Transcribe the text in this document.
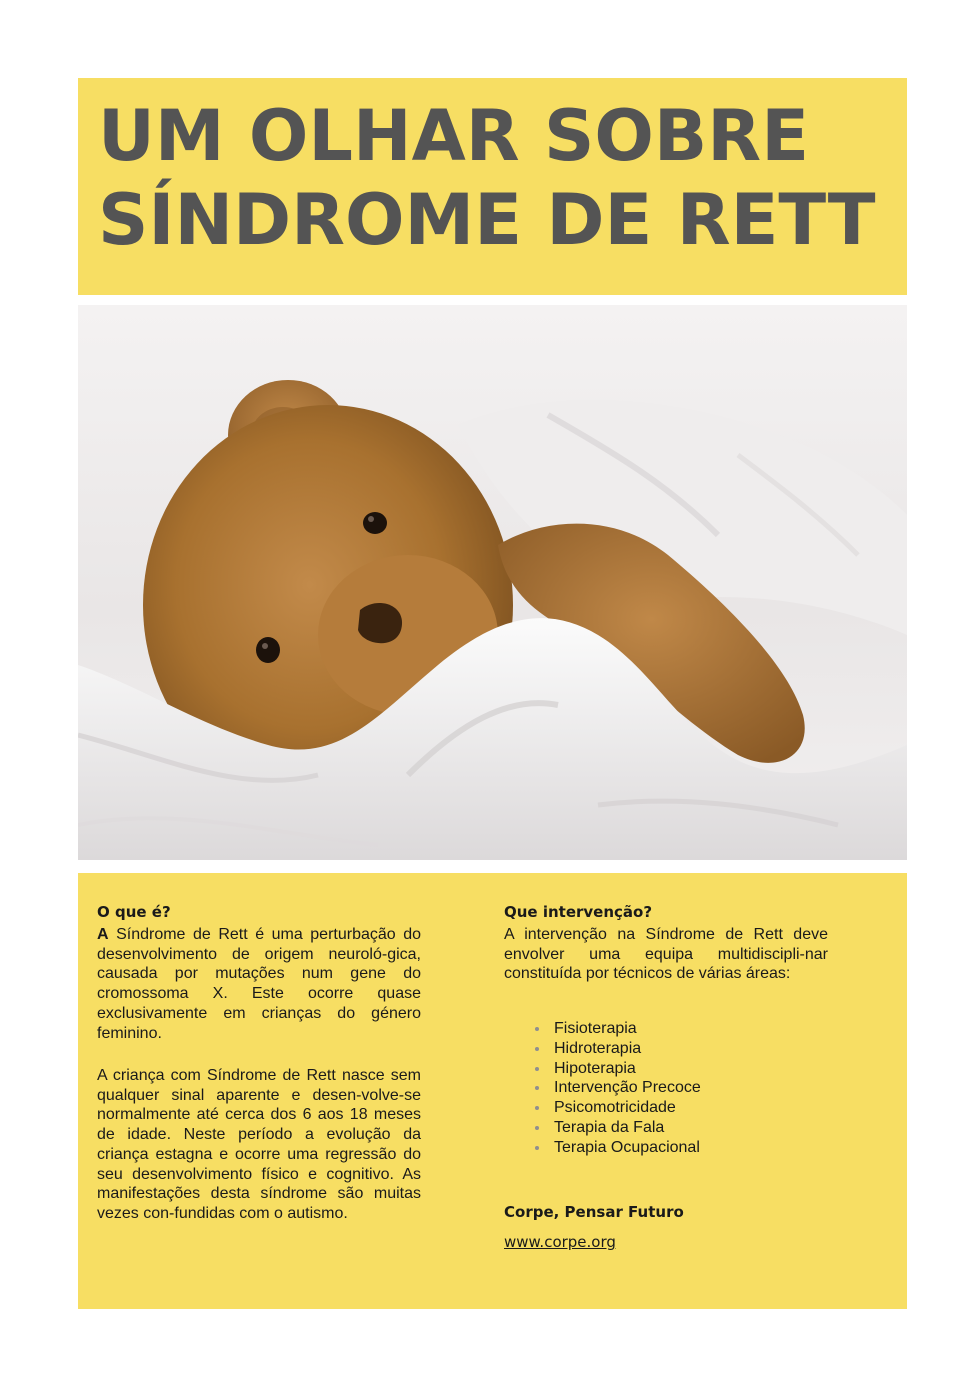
UM OLHAR SOBRE
SÍNDROME DE RETT
O que é?

A Síndrome de Rett é uma perturbação do desenvolvimento de origem neuroló-gica, causada por mutações num gene do cromossoma X. Este ocorre quase exclusivamente em crianças do género feminino.

A criança com Síndrome de Rett nasce sem qualquer sinal aparente e desen-volve-se normalmente até cerca dos 6 aos 18 meses de idade. Neste período a evolução da criança estagna e ocorre uma regressão do seu desenvolvimento físico e cognitivo. As manifestações desta síndrome são muitas vezes con-fundidas com o autismo.

Que intervenção?

A intervenção na Síndrome de Rett deve envolver uma equipa multidiscipli-nar constituída por técnicos de várias áreas:

Fisioterapia
Hidroterapia
Hipoterapia
Intervenção Precoce
Psicomotricidade
Terapia da Fala
Terapia Ocupacional

Corpe, Pensar Futuro

www.corpe.org
